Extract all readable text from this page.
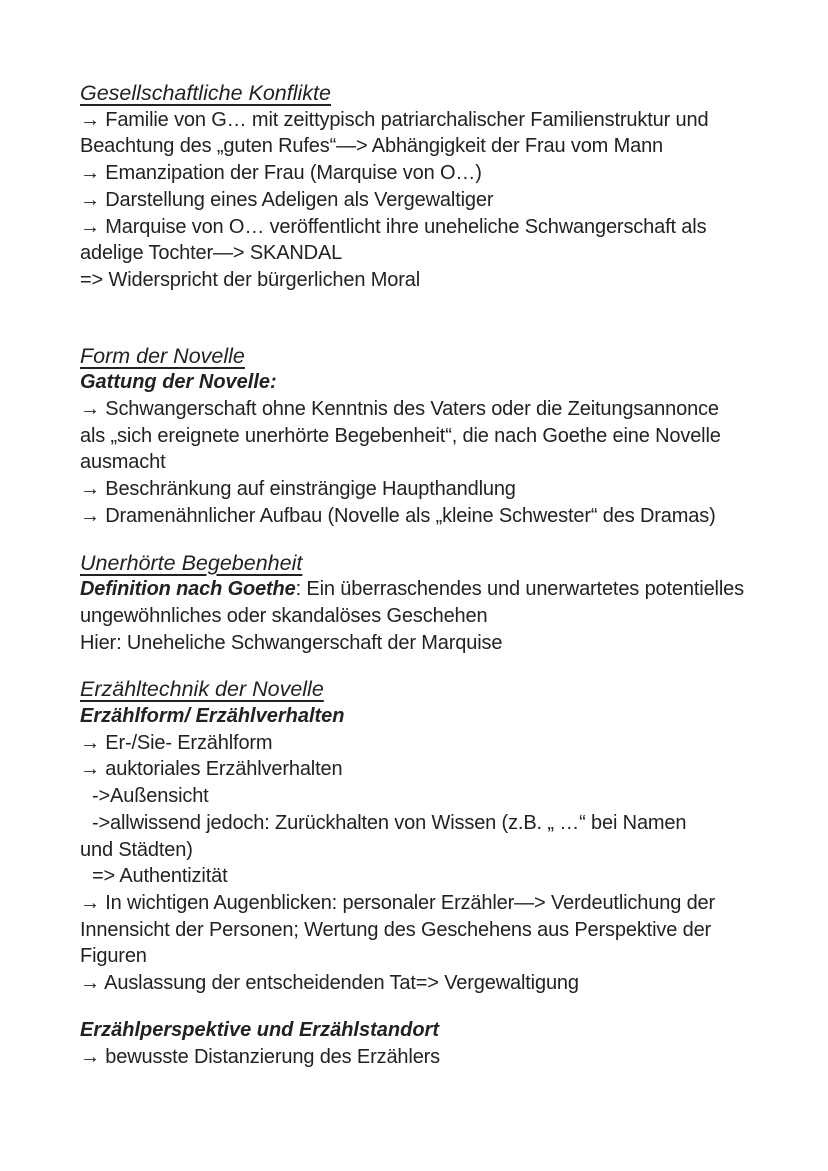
Gesellschaftliche Konflikte
→ Familie von G… mit zeittypisch patriarchalischer Familienstruktur und
Beachtung des „guten Rufes“—> Abhängigkeit der Frau vom Mann
→ Emanzipation der Frau (Marquise von O…)
→ Darstellung eines Adeligen als Vergewaltiger
→ Marquise von O… veröffentlicht ihre uneheliche Schwangerschaft als
adelige Tochter—> SKANDAL
=> Widerspricht der bürgerlichen Moral
Form der Novelle
Gattung der Novelle:
→ Schwangerschaft ohne Kenntnis des Vaters oder die Zeitungsannonce
als „sich ereignete unerhörte Begebenheit“, die nach Goethe eine Novelle
ausmacht
→ Beschränkung auf einsträngige Haupthandlung
→ Dramenähnlicher Aufbau (Novelle als „kleine Schwester“ des Dramas)
Unerhörte Begebenheit
Definition nach Goethe: Ein überraschendes und unerwartetes potentielles
ungewöhnliches oder skandalöses Geschehen
Hier: Uneheliche Schwangerschaft der Marquise
Erzähltechnik der Novelle
Erzählform/ Erzählverhalten
→ Er-/Sie- Erzählform
→ auktoriales Erzählverhalten
->Außensicht
->allwissend jedoch: Zurückhalten von Wissen (z.B. „ …“ bei Namen
und Städten)
=> Authentizität
→ In wichtigen Augenblicken: personaler Erzähler—> Verdeutlichung der
Innensicht der Personen; Wertung des Geschehens aus Perspektive der
Figuren
→ Auslassung der entscheidenden Tat=> Vergewaltigung
Erzählperspektive und Erzählstandort
→ bewusste Distanzierung des Erzählers
